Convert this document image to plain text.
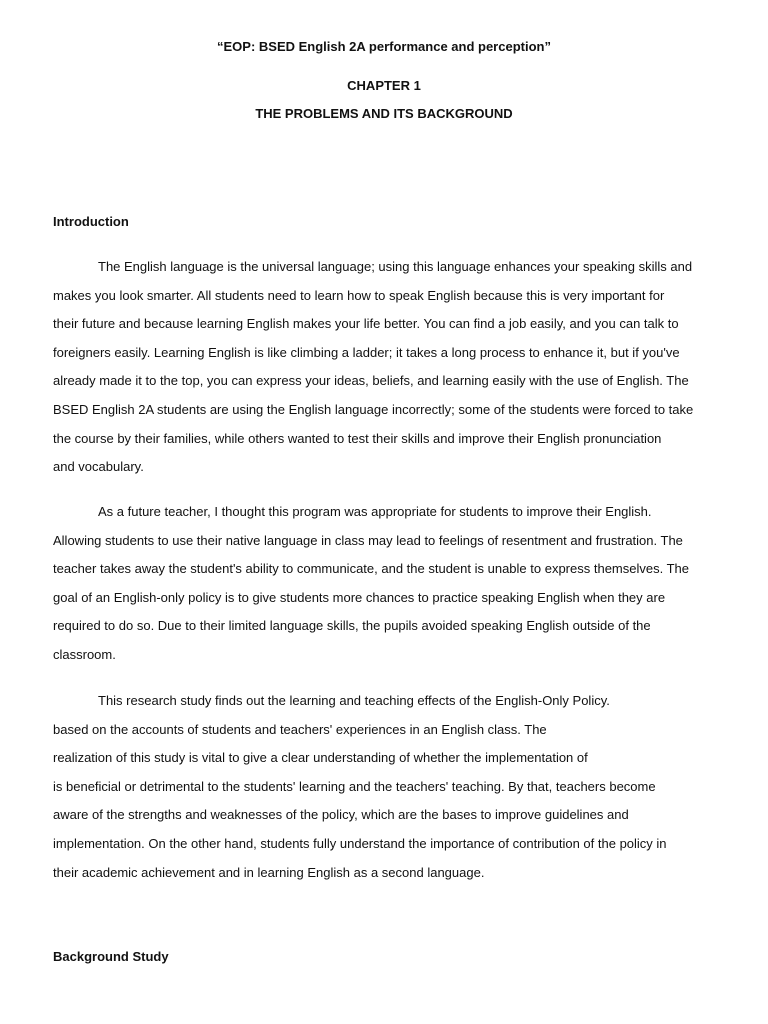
“EOP: BSED English 2A performance and perception”
CHAPTER 1
THE PROBLEMS AND ITS BACKGROUND
Introduction
The English language is the universal language; using this language enhances your speaking skills and
makes you look smarter. All students need to learn how to speak English because this is very important for
their future and because learning English makes your life better. You can find a job easily, and you can talk to
foreigners easily. Learning English is like climbing a ladder; it takes a long process to enhance it, but if you've
already made it to the top, you can express your ideas, beliefs, and learning easily with the use of English. The
BSED English 2A students are using the English language incorrectly; some of the students were forced to take
the course by their families, while others wanted to test their skills and improve their English pronunciation
and vocabulary.
As a future teacher, I thought this program was appropriate for students to improve their English.
Allowing students to use their native language in class may lead to feelings of resentment and frustration. The
teacher takes away the student's ability to communicate, and the student is unable to express themselves. The
goal of an English-only policy is to give students more chances to practice speaking English when they are
required to do so. Due to their limited language skills, the pupils avoided speaking English outside of the
classroom.
This research study finds out the learning and teaching effects of the English-Only Policy.
based on the accounts of students and teachers' experiences in an English class. The
realization of this study is vital to give a clear understanding of whether the implementation of
is beneficial or detrimental to the students' learning and the teachers' teaching. By that, teachers become
aware of the strengths and weaknesses of the policy, which are the bases to improve guidelines and
implementation. On the other hand, students fully understand the importance of contribution of the policy in
their academic achievement and in learning English as a second language.
Background Study
